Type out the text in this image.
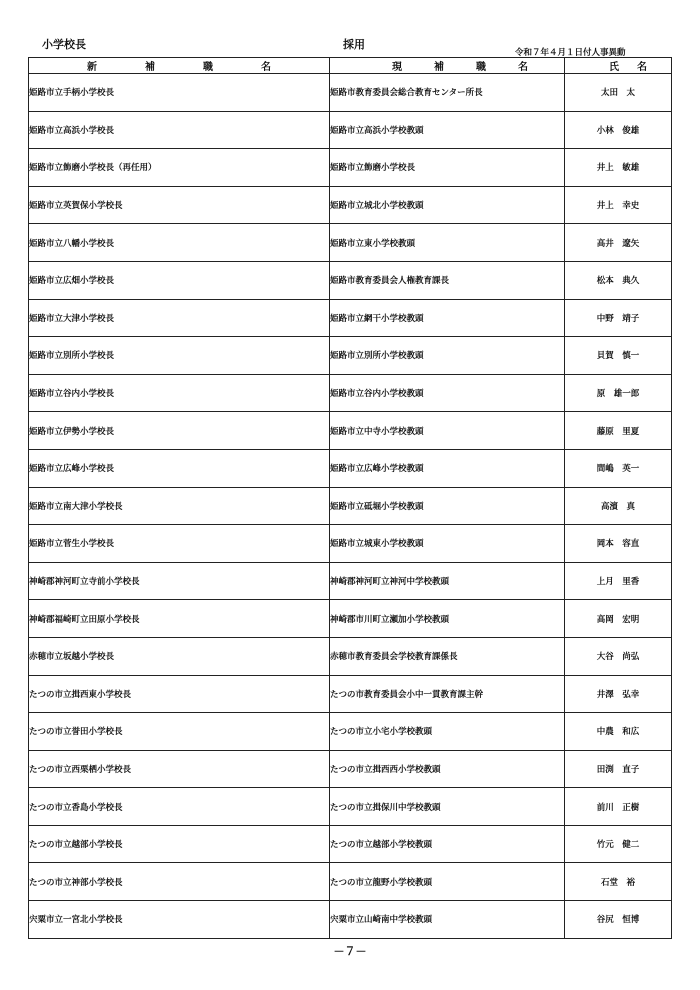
小学校長	採用
令和７年４月１日付人事異動
新 補 職 名	現 補 職 名	氏 名

姫路市立手柄小学校長	姫路市教育委員会総合教育センター所長	太田　太
姫路市立高浜小学校長	姫路市立高浜小学校教頭	小林　俊雄
姫路市立飾磨小学校長（再任用）	姫路市立飾磨小学校長	井上　敏雄
姫路市立英賀保小学校長	姫路市立城北小学校教頭	井上　幸史
姫路市立八幡小学校長	姫路市立東小学校教頭	高井　遼矢
姫路市立広畑小学校長	姫路市教育委員会人権教育課長	松本　典久
姫路市立大津小学校長	姫路市立網干小学校教頭	中野　靖子
姫路市立別所小学校長	姫路市立別所小学校教頭	貝賀　慎一
姫路市立谷内小学校長	姫路市立谷内小学校教頭	原　雄一郎
姫路市立伊勢小学校長	姫路市立中寺小学校教頭	藤原　里夏
姫路市立広峰小学校長	姫路市立広峰小学校教頭	間嶋　英一
姫路市立南大津小学校長	姫路市立砥堀小学校教頭	高濱　真
姫路市立菅生小学校長	姫路市立城東小学校教頭	岡本　容直
神崎郡神河町立寺前小学校長	神崎郡神河町立神河中学校教頭	上月　里香
神崎郡福崎町立田原小学校長	神崎郡市川町立瀬加小学校教頭	高岡　宏明
赤穂市立坂越小学校長	赤穂市教育委員会学校教育課係長	大谷　尚弘
たつの市立揖西東小学校長	たつの市教育委員会小中一貫教育課主幹	井澤　弘幸
たつの市立誉田小学校長	たつの市立小宅小学校教頭	中農　和広
たつの市立西栗栖小学校長	たつの市立揖西西小学校教頭	田渕　直子
たつの市立香島小学校長	たつの市立揖保川中学校教頭	前川　正樹
たつの市立越部小学校長	たつの市立越部小学校教頭	竹元　健二
たつの市立神部小学校長	たつの市立龍野小学校教頭	石堂　裕
宍粟市立一宮北小学校長	宍粟市立山崎南中学校教頭	谷尻　恒博
－７－
